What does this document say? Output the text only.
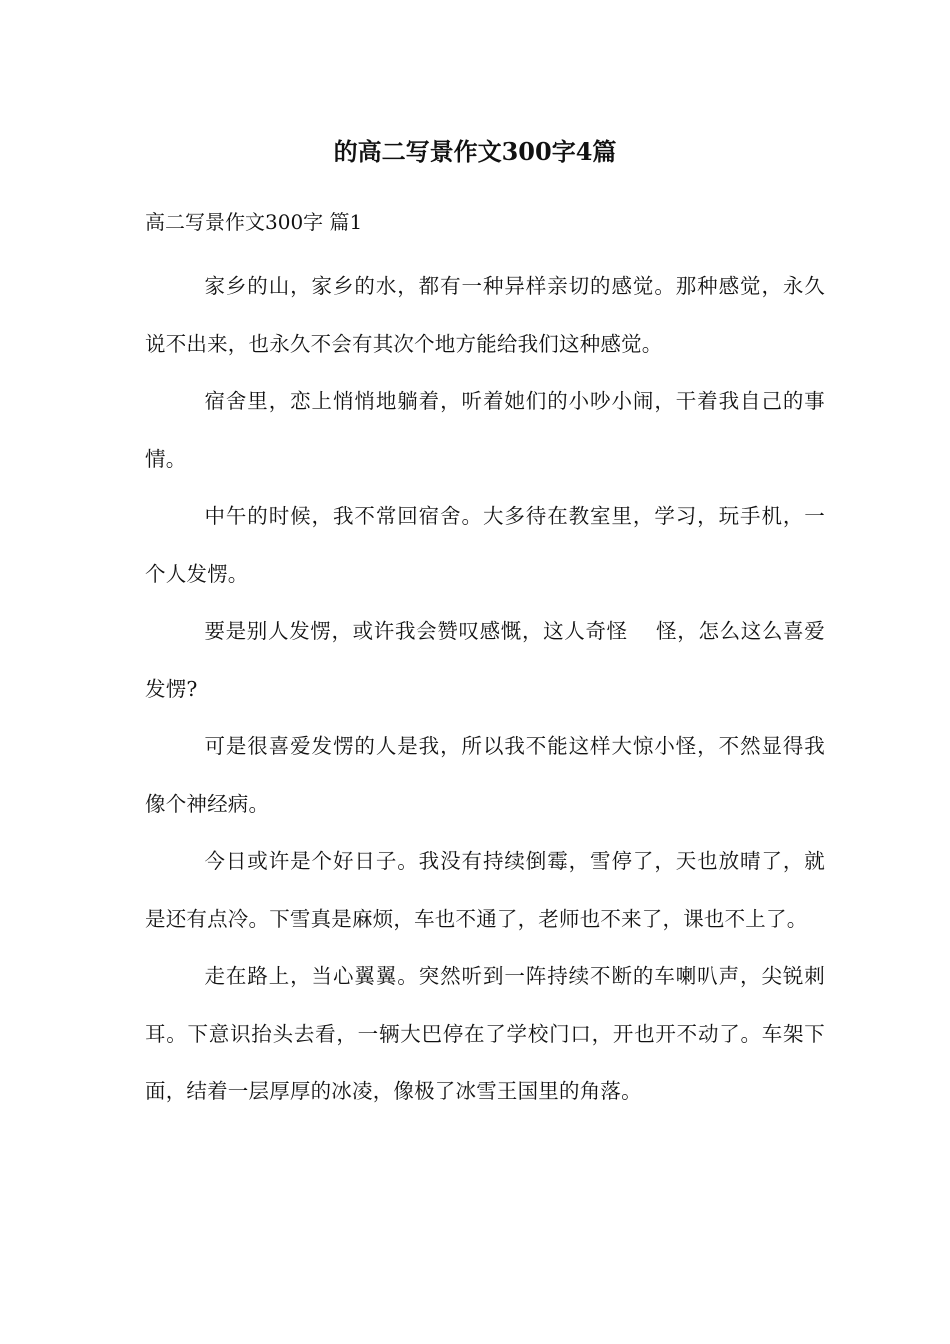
的高二写景作文300字4篇

高二写景作文300字 篇1

家乡的山，家乡的水，都有一种异样亲切的感觉。那种感觉，永久说不出来，也永久不会有其次个地方能给我们这种感觉。

宿舍里，恋上悄悄地躺着，听着她们的小吵小闹，干着我自己的事情。

中午的时候，我不常回宿舍。大多待在教室里，学习，玩手机，一个人发愣。

要是别人发愣，或许我会赞叹感慨，这人奇怪　 怪，怎么这么喜爱发愣?

可是很喜爱发愣的人是我，所以我不能这样大惊小怪，不然显得我像个神经病。

今日或许是个好日子。我没有持续倒霉，雪停了，天也放晴了，就是还有点冷。下雪真是麻烦，车也不通了，老师也不来了，课也不上了。

走在路上，当心翼翼。突然听到一阵持续不断的车喇叭声，尖锐刺耳。下意识抬头去看，一辆大巴停在了学校门口，开也开不动了。车架下面，结着一层厚厚的冰凌，像极了冰雪王国里的角落。
